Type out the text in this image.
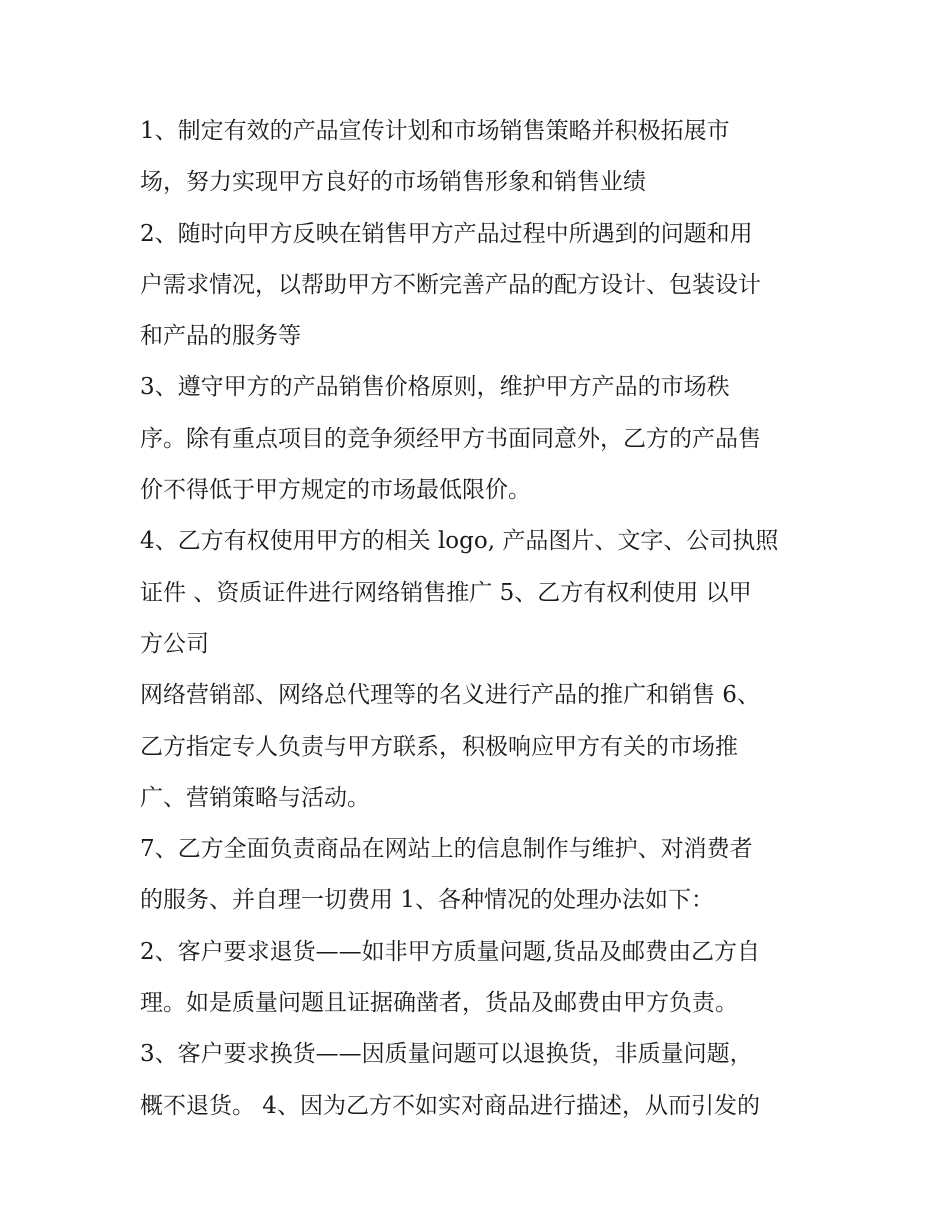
1、制定有效的产品宣传计划和市场销售策略并积极拓展市
场，努力实现甲方良好的市场销售形象和销售业绩
2、随时向甲方反映在销售甲方产品过程中所遇到的问题和用
户需求情况，以帮助甲方不断完善产品的配方设计、包装设计
和产品的服务等
3、遵守甲方的产品销售价格原则，维护甲方产品的市场秩
序。除有重点项目的竞争须经甲方书面同意外，乙方的产品售
价不得低于甲方规定的市场最低限价。
4、乙方有权使用甲方的相关 logo, 产品图片、文字、公司执照
证件 、资质证件进行网络销售推广 5、乙方有权利使用 以甲
方公司
网络营销部、网络总代理等的名义进行产品的推广和销售 6、
乙方指定专人负责与甲方联系，积极响应甲方有关的市场推
广、营销策略与活动。
7、乙方全面负责商品在网站上的信息制作与维护、对消费者
的服务、并自理一切费用 1、各种情况的处理办法如下：
2、客户要求退货——如非甲方质量问题,货品及邮费由乙方自
理。如是质量问题且证据确凿者，货品及邮费由甲方负责。
3、客户要求换货——因质量问题可以退换货，非质量问题，
概不退货。 4、因为乙方不如实对商品进行描述，从而引发的
